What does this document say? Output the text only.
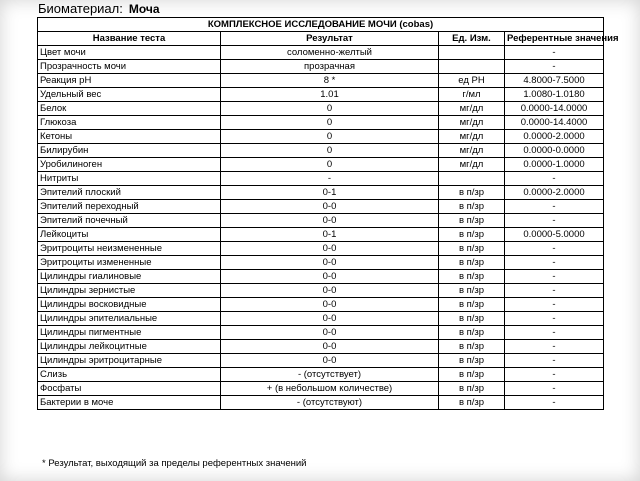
Биоматериал: Моча
КОМПЛЕКСНОЕ ИССЛЕДОВАНИЕ МОЧИ (cobas)			
Название теста	Результат	Ед. Изм.	Референтные значения
Цвет мочи	соломенно-желтый		-
Прозрачность мочи	прозрачная		-
Реакция pH	8 *	ед PH	4.8000-7.5000
Удельный вес	1.01	г/мл	1.0080-1.0180
Белок	0	мг/дл	0.0000-14.0000
Глюкоза	0	мг/дл	0.0000-14.4000
Кетоны	0	мг/дл	0.0000-2.0000
Билирубин	0	мг/дл	0.0000-0.0000
Уробилиноген	0	мг/дл	0.0000-1.0000
Нитриты	-		-
Эпителий плоский	0-1	в п/зр	0.0000-2.0000
Эпителий переходный	0-0	в п/зр	-
Эпителий почечный	0-0	в п/зр	-
Лейкоциты	0-1	в п/зр	0.0000-5.0000
Эритроциты неизмененные	0-0	в п/зр	-
Эритроциты измененные	0-0	в п/зр	-
Цилиндры гиалиновые	0-0	в п/зр	-
Цилиндры зернистые	0-0	в п/зр	-
Цилиндры восковидные	0-0	в п/зр	-
Цилиндры эпителиальные	0-0	в п/зр	-
Цилиндры пигментные	0-0	в п/зр	-
Цилиндры лейкоцитные	0-0	в п/зр	-
Цилиндры эритроцитарные	0-0	в п/зр	-
Слизь	- (отсутствует)	в п/зр	-
Фосфаты	+ (в небольшом количестве)	в п/зр	-
Бактерии в моче	- (отсутствуют)	в п/зр	-
* Результат, выходящий за пределы референтных значений
